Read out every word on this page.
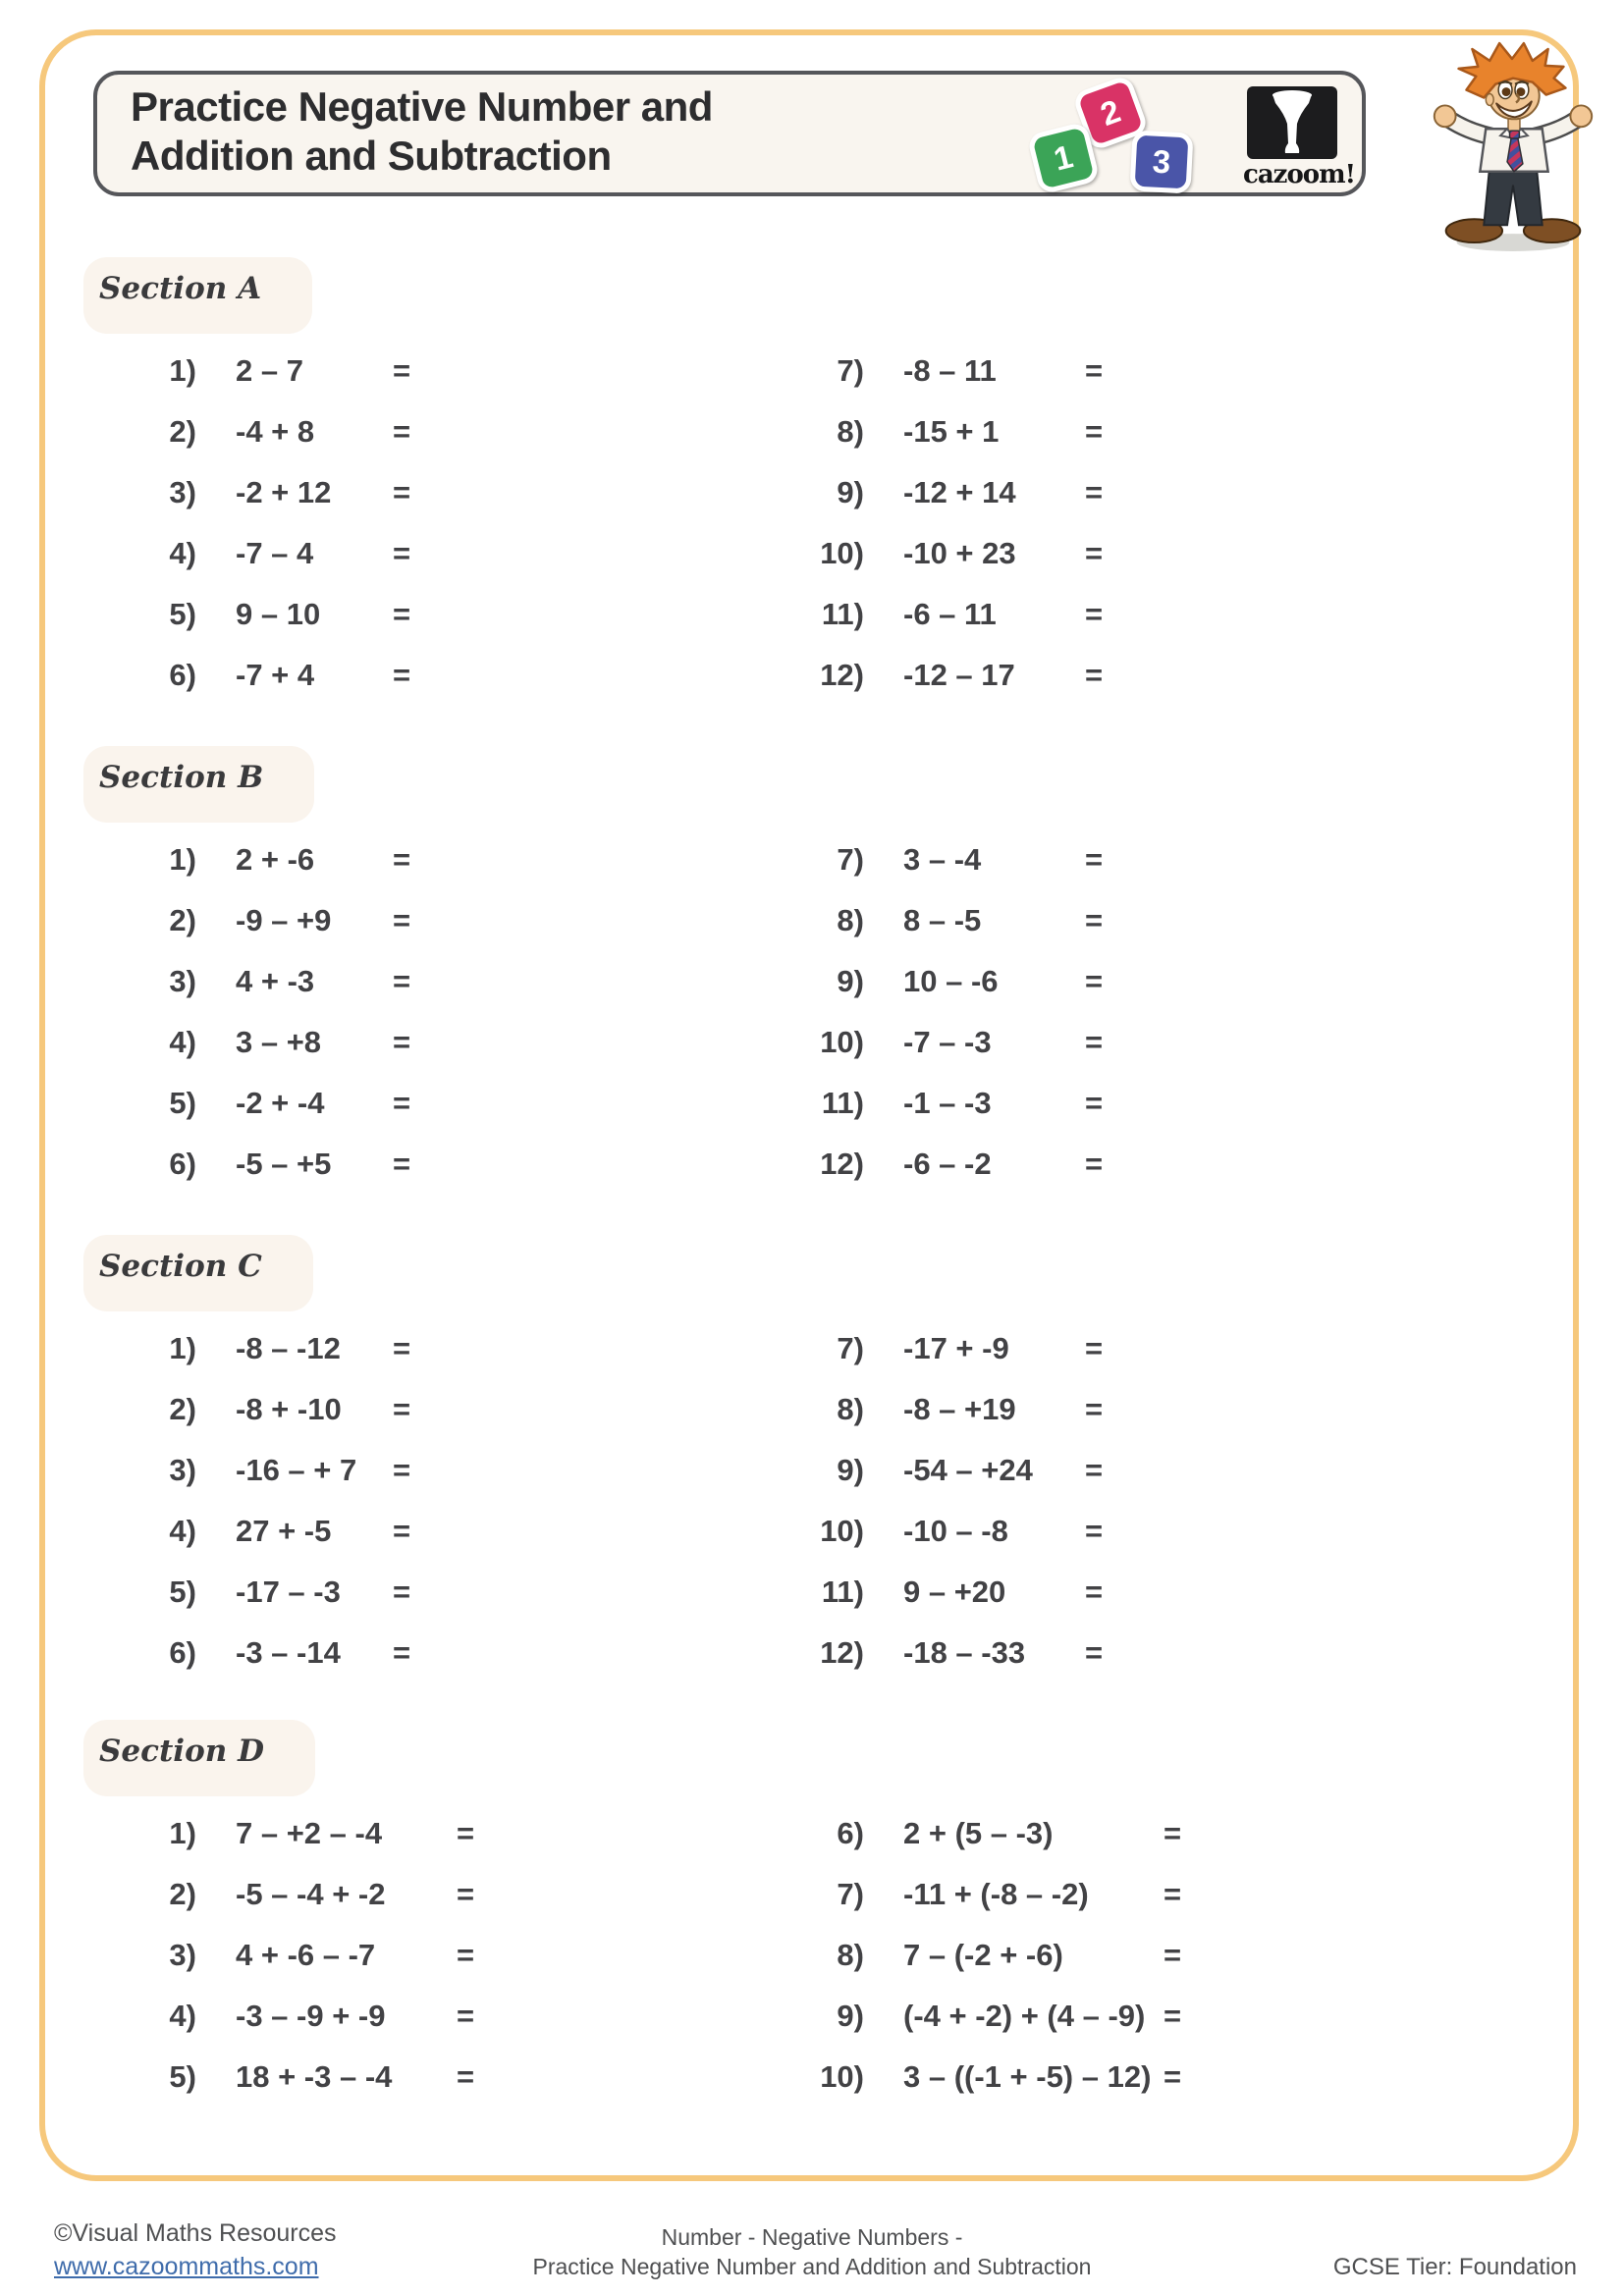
Practice Negative Number and
Addition and Subtraction
2
1 3	cazoom!
Section A
1) 2 – 7	=
2) -4 + 8	=
3) -2 + 12	=
4) -7 – 4	=
5) 9 – 10	=
6) -7 + 4	=
7) -8 – 11	=
8) -15 + 1	=
9) -12 + 14	=
10) -10 + 23	=
11) -6 – 11	=
12) -12 – 17	=
Section B
1) 2 + -6	=
2) -9 – +9	=
3) 4 + -3	=
4) 3 – +8	=
5) -2 + -4	=
6) -5 – +5	=
7) 3 – -4	=
8) 8 – -5	=
9) 10 – -6	=
10) -7 – -3	=
11) -1 – -3	=
12) -6 – -2	=
Section C
1) -8 – -12	=
2) -8 + -10	=
3) -16 – + 7	=
4) 27 + -5	=
5) -17 – -3	=
6) -3 – -14	=
7) -17 + -9	=
8) -8 – +19	=
9) -54 – +24	=
10) -10 – -8	=
11) 9 – +20	=
12) -18 – -33	=
Section D
1) 7 – +2 – -4	=
2) -5 – -4 + -2	=
3) 4 + -6 – -7	=
4) -3 – -9 + -9	=
5) 18 + -3 – -4	=
6) 2 + (5 – -3)	=
7) -11 + (-8 – -2)	=
8) 7 – (-2 + -6)	=
9) (-4 + -2) + (4 – -9) =
10) 3 – ((-1 + -5) – 12) =
©Visual Maths Resources
www.cazoommaths.com
Number - Negative Numbers -
Practice Negative Number and Addition and Subtraction	GCSE Tier: Foundation
